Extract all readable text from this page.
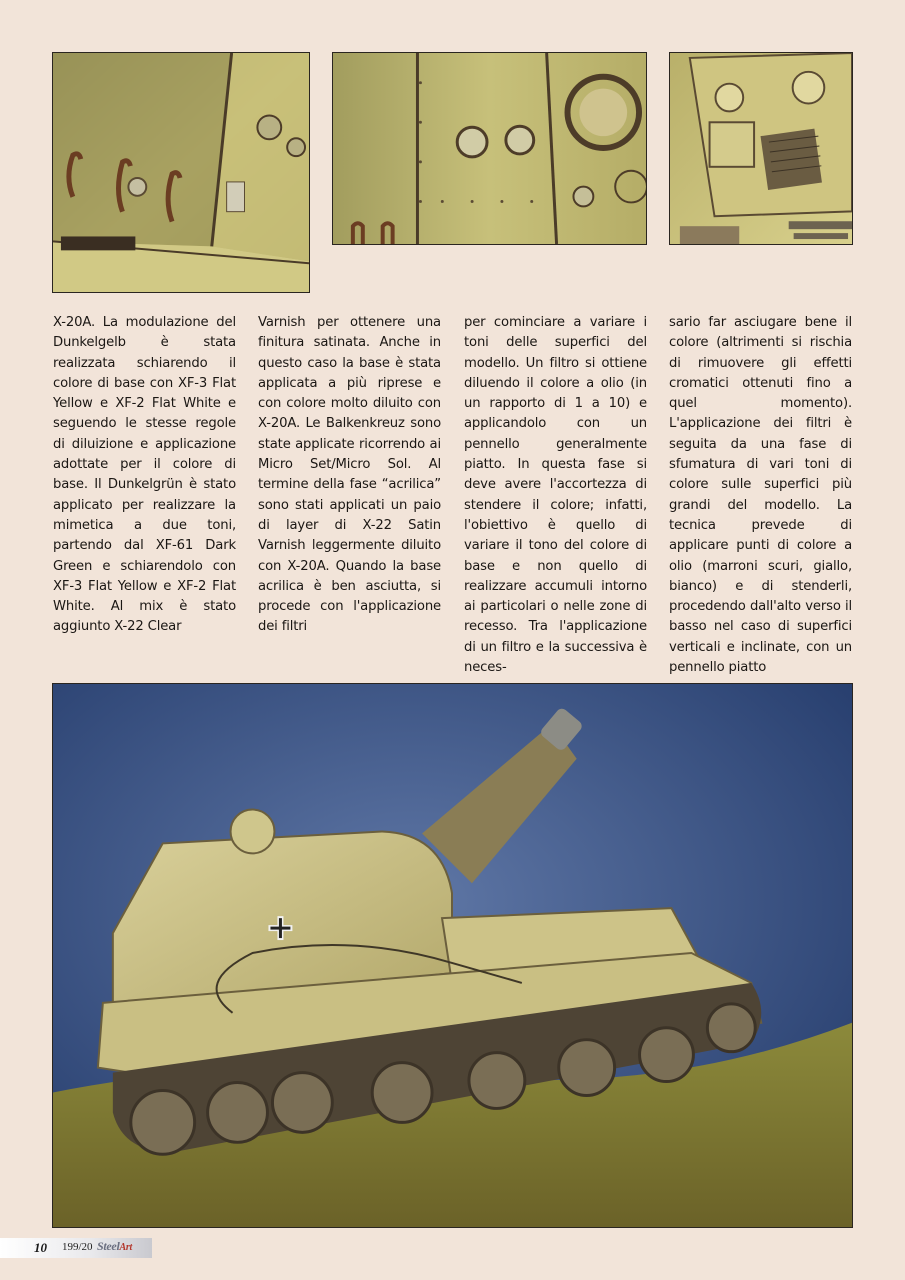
X-20A. La modulazione del Dunkelgelb è stata realizzata schiarendo il colore di base con XF-3 Flat Yellow e XF-2 Flat White e seguendo le stesse regole di diluizione e applicazione adottate per il colore di base. Il Dunkelgrün è stato applicato per realizzare la mimetica a due toni, partendo dal XF-61 Dark Green e schiarendolo con XF-3 Flat Yellow e XF-2 Flat White. Al mix è stato aggiunto X-22 Clear

Varnish per ottenere una finitura satinata. Anche in questo caso la base è stata applicata a più riprese e con colore molto diluito con X-20A. Le Balkenkreuz sono state applicate ricorrendo ai Micro Set/Micro Sol. Al termine della fase “acrilica” sono stati applicati un paio di layer di X-22 Satin Varnish leggermente diluito con X-20A. Quando la base acrilica è ben asciutta, si procede con l'applicazione dei filtri

per cominciare a variare i toni delle superfici del modello. Un filtro si ottiene diluendo il colore a olio (in un rapporto di 1 a 10) e applicandolo con un pennello generalmente piatto. In questa fase si deve avere l'accortezza di stendere il colore; infatti, l'obiettivo è quello di variare il tono del colore di base e non quello di realizzare accumuli intorno ai particolari o nelle zone di recesso. Tra l'applicazione di un filtro e la successiva è neces-

sario far asciugare bene il colore (altrimenti si rischia di rimuovere gli effetti cromatici ottenuti fino a quel momento). L'applicazione dei filtri è seguita da una fase di sfumatura di vari toni di colore sulle superfici più grandi del modello. La tecnica prevede di applicare punti di colore a olio (marroni scuri, giallo, bianco) e di stenderli, procedendo dall'alto verso il basso nel caso di superfici verticali e inclinate, con un pennello piatto

10 199/20 SteelArt
